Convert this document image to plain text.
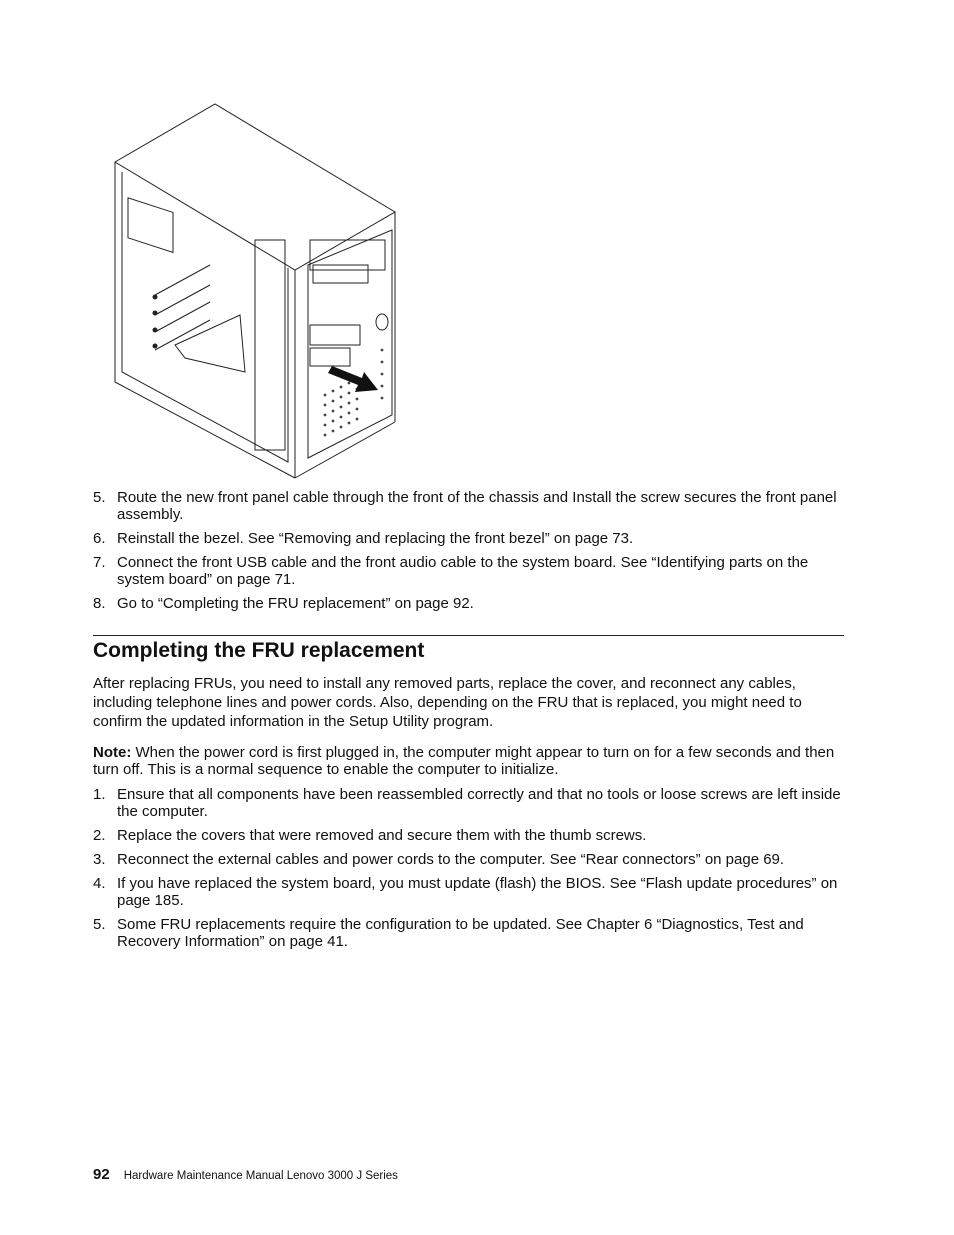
5. Route the new front panel cable through the front of the chassis and Install the screw secures the front panel assembly.
6. Reinstall the bezel. See “Removing and replacing the front bezel” on page 73.
7. Connect the front USB cable and the front audio cable to the system board. See “Identifying parts on the system board” on page 71.
8. Go to “Completing the FRU replacement” on page 92.
Completing the FRU replacement

After replacing FRUs, you need to install any removed parts, replace the cover, and reconnect any cables, including telephone lines and power cords. Also, depending on the FRU that is replaced, you might need to confirm the updated information in the Setup Utility program.

Note: When the power cord is first plugged in, the computer might appear to turn on for a few seconds and then turn off. This is a normal sequence to enable the computer to initialize.

1. Ensure that all components have been reassembled correctly and that no tools or loose screws are left inside the computer.
2. Replace the covers that were removed and secure them with the thumb screws.
3. Reconnect the external cables and power cords to the computer. See “Rear connectors” on page 69.
4. If you have replaced the system board, you must update (flash) the BIOS. See “Flash update procedures” on page 185.
5. Some FRU replacements require the configuration to be updated. See Chapter 6 “Diagnostics, Test and Recovery Information” on page 41.
92 Hardware Maintenance Manual Lenovo 3000 J Series
